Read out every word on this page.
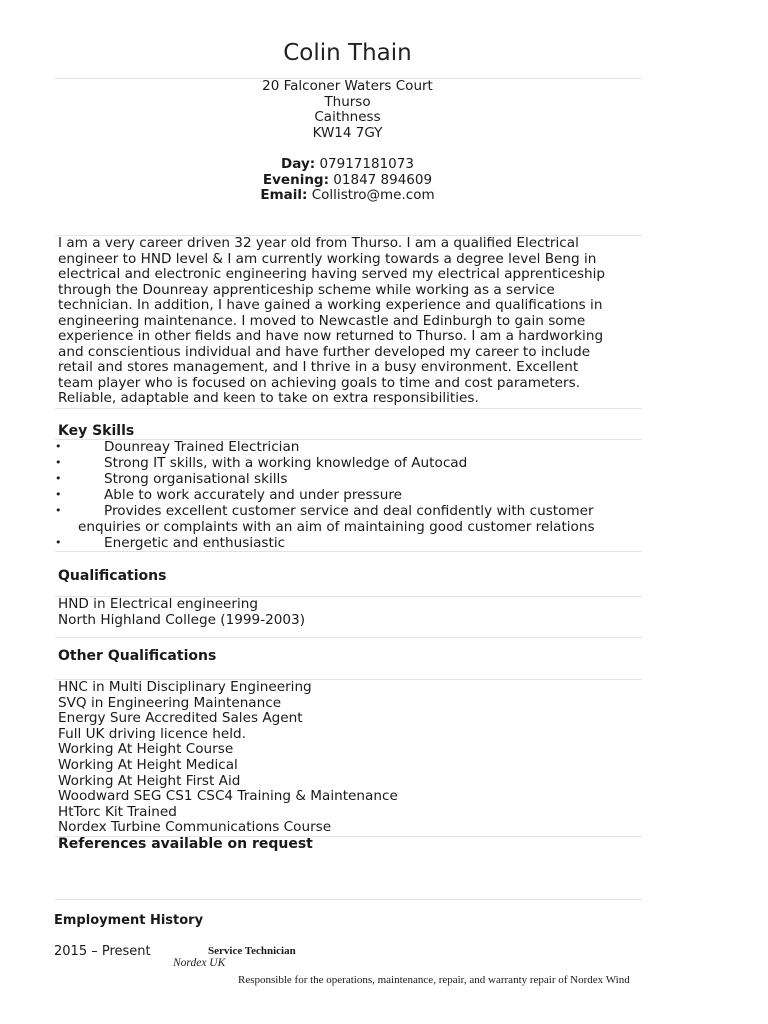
Colin Thain
20 Falconer Waters Court
Thurso
Caithness
KW14 7GY
Day: 07917181073
Evening: 01847 894609
Email: Collistro@me.com
I am a very career driven 32 year old from Thurso. I am a qualified Electrical
engineer to HND level & I am currently working towards a degree level Beng in
electrical and electronic engineering having served my electrical apprenticeship
through the Dounreay apprenticeship scheme while working as a service
technician. In addition, I have gained a working experience and qualifications in
engineering maintenance. I moved to Newcastle and Edinburgh to gain some
experience in other fields and have now returned to Thurso. I am a hardworking
and conscientious individual and have further developed my career to include
retail and stores management, and I thrive in a busy environment. Excellent
team player who is focused on achieving goals to time and cost parameters.
Reliable, adaptable and keen to take on extra responsibilities.
Key Skills
• Dounreay Trained Electrician
• Strong IT skills, with a working knowledge of Autocad
• Strong organisational skills
• Able to work accurately and under pressure
• Provides excellent customer service and deal confidently with customer
enquiries or complaints with an aim of maintaining good customer relations
• Energetic and enthusiastic
Qualifications
HND in Electrical engineering
North Highland College (1999-2003)
Other Qualifications
HNC in Multi Disciplinary Engineering
SVQ in Engineering Maintenance
Energy Sure Accredited Sales Agent
Full UK driving licence held.
Working At Height Course
Working At Height Medical
Working At Height First Aid
Woodward SEG CS1 CSC4 Training & Maintenance
HtTorc Kit Trained
Nordex Turbine Communications Course
References available on request
Employment History
2015 – Present	Service Technician
Nordex UK
Responsible for the operations, maintenance, repair, and warranty repair of Nordex Wind
